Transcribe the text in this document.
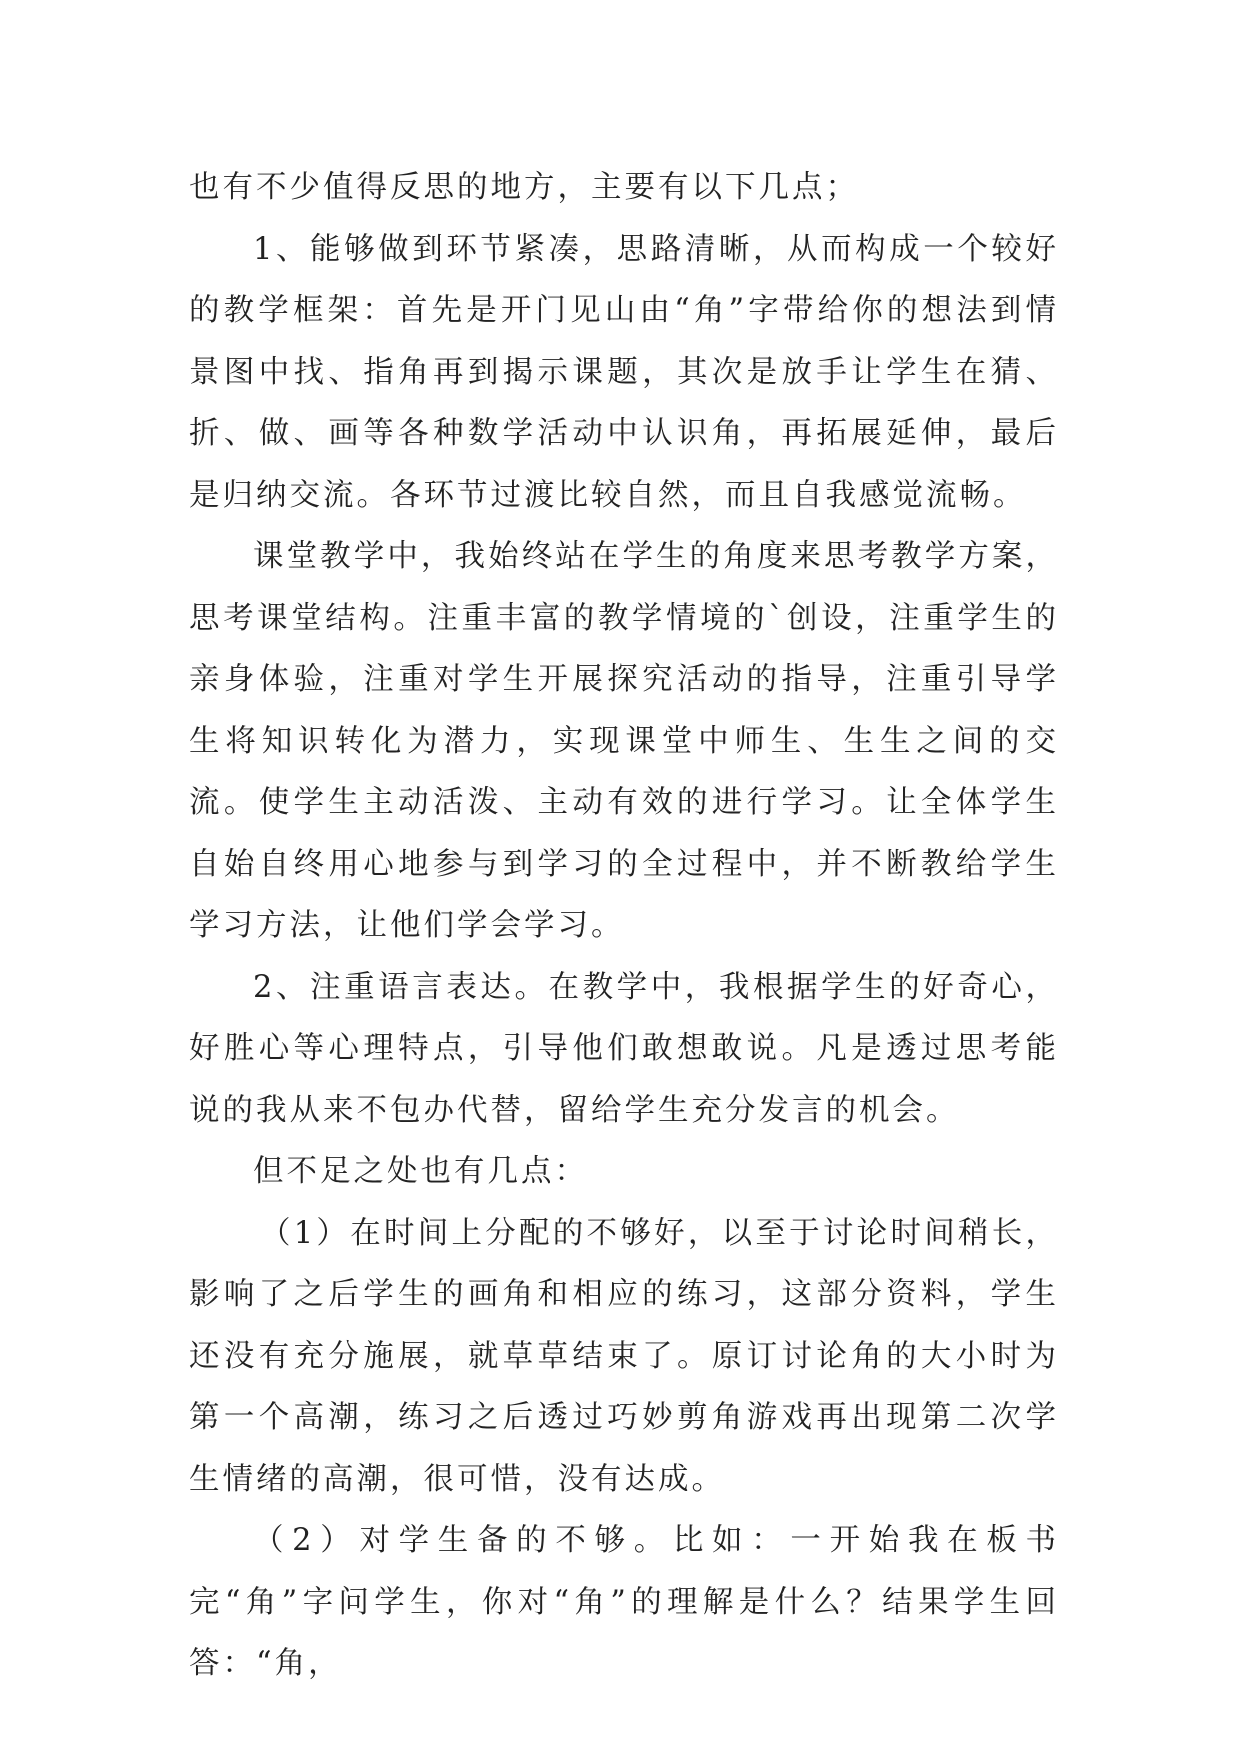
也有不少值得反思的地方，主要有以下几点；

1、能够做到环节紧凑，思路清晰，从而构成一个较好的教学框架：首先是开门见山由“角”字带给你的想法到情景图中找、指角再到揭示课题，其次是放手让学生在猜、折、做、画等各种数学活动中认识角，再拓展延伸，最后是归纳交流。各环节过渡比较自然，而且自我感觉流畅。

课堂教学中，我始终站在学生的角度来思考教学方案，思考课堂结构。注重丰富的教学情境的`创设，注重学生的亲身体验，注重对学生开展探究活动的指导，注重引导学生将知识转化为潜力，实现课堂中师生、生生之间的交流。使学生主动活泼、主动有效的进行学习。让全体学生自始自终用心地参与到学习的全过程中，并不断教给学生学习方法，让他们学会学习。

2、注重语言表达。在教学中，我根据学生的好奇心，好胜心等心理特点，引导他们敢想敢说。凡是透过思考能说的我从来不包办代替，留给学生充分发言的机会。

但不足之处也有几点：

（1）在时间上分配的不够好，以至于讨论时间稍长，影响了之后学生的画角和相应的练习，这部分资料，学生还没有充分施展，就草草结束了。原订讨论角的大小时为第一个高潮，练习之后透过巧妙剪角游戏再出现第二次学生情绪的高潮，很可惜，没有达成。

（2）对学生备的不够。比如：一开始我在板书完“角”字问学生，你对“角”的理解是什么？结果学生回答：“角，
